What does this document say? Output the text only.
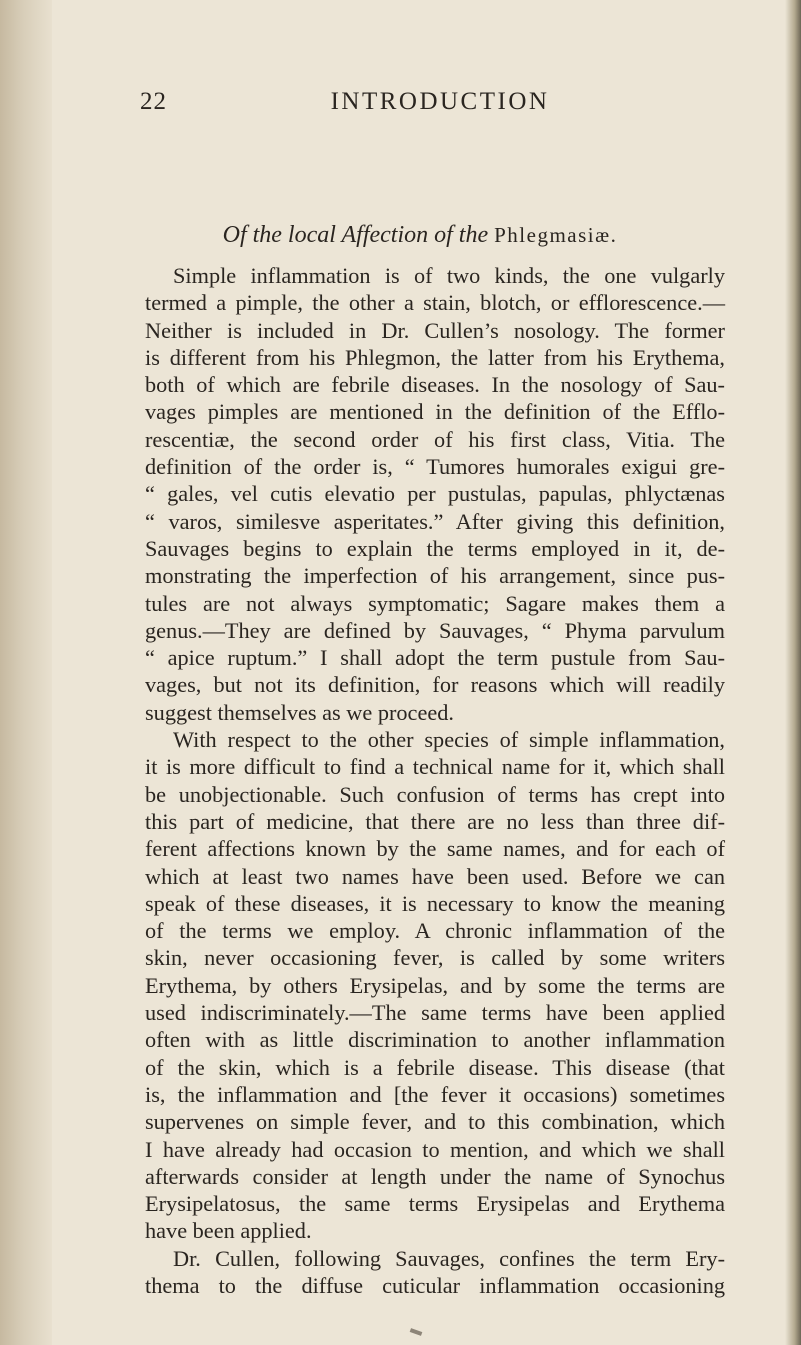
22	INTRODUCTION
Of the local Affection of the Phlegmasiæ.
Simple inflammation is of two kinds, the one vulgarly
termed a pimple, the other a stain, blotch, or efflorescence.—
Neither is included in Dr. Cullen’s nosology. The former
is different from his Phlegmon, the latter from his Erythema,
both of which are febrile diseases. In the nosology of Sau-
vages pimples are mentioned in the definition of the Efflo-
rescentiæ, the second order of his first class, Vitia. The
definition of the order is, “ Tumores humorales exigui gre-
“ gales, vel cutis elevatio per pustulas, papulas, phlyctænas
“ varos, similesve asperitates.” After giving this definition,
Sauvages begins to explain the terms employed in it, de-
monstrating the imperfection of his arrangement, since pus-
tules are not always symptomatic; Sagare makes them a
genus.—They are defined by Sauvages, “ Phyma parvulum
“ apice ruptum.” I shall adopt the term pustule from Sau-
vages, but not its definition, for reasons which will readily
suggest themselves as we proceed.
With respect to the other species of simple inflammation,
it is more difficult to find a technical name for it, which shall
be unobjectionable. Such confusion of terms has crept into
this part of medicine, that there are no less than three dif-
ferent affections known by the same names, and for each of
which at least two names have been used. Before we can
speak of these diseases, it is necessary to know the meaning
of the terms we employ. A chronic inflammation of the
skin, never occasioning fever, is called by some writers
Erythema, by others Erysipelas, and by some the terms are
used indiscriminately.—The same terms have been applied
often with as little discrimination to another inflammation
of the skin, which is a febrile disease. This disease (that
is, the inflammation and [the fever it occasions) sometimes
supervenes on simple fever, and to this combination, which
I have already had occasion to mention, and which we shall
afterwards consider at length under the name of Synochus
Erysipelatosus, the same terms Erysipelas and Erythema
have been applied.
Dr. Cullen, following Sauvages, confines the term Ery-
thema to the diffuse cuticular inflammation occasioning
